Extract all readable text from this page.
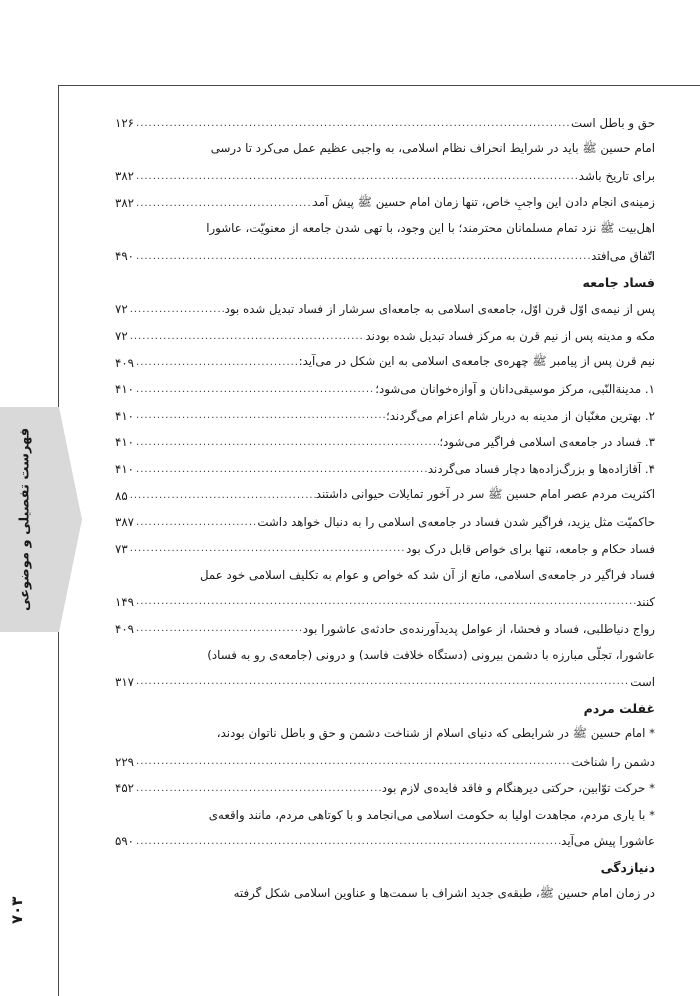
فهرست تفصیلی و موضوعی
۷۰۳
حق و باطل است
.....
۱۲۶
امام حسین ﷺ باید در شرایط انحراف نظام اسلامی، به واجبی عظیم عمل می‌کرد تا درسی
برای تاریخ باشد
.....
۳۸۲
زمینه‌ی انجام دادن این واجبِ خاص، تنها زمان امام حسین ﷺ پیش آمد
.....
۳۸۲
اهل‌بیت ﷺ نزد تمام مسلمانان محترمند؛ با این وجود، با تهی شدن جامعه از معنویّت، عاشورا
اتّفاق می‌افتد
.....
۴۹۰
فساد جامعه
پس از نیمه‌ی اوّل قرن اوّل، جامعه‌ی اسلامی به جامعه‌ای سرشار از فساد تبدیل شده بود
.....
۷۲
مکه و مدینه پس از نیم قرن به مرکز فساد تبدیل شده بودند
.....
۷۲
نیم قرن پس از پیامبر ﷺ چهره‌ی جامعه‌ی اسلامی به این شکل در می‌آید:
.....
۴۰۹
۱. مدینةالنّبی، مرکز موسیقی‌دانان و آوازه‌خوانان می‌شود؛
.....
۴۱۰
۲. بهترین مغنّیان از مدینه به دربار شام اعزام می‌گردند؛
.....
۴۱۰
۳. فساد در جامعه‌ی اسلامی فراگیر می‌شود؛
.....
۴۱۰
۴. آقازاده‌ها و بزرگ‌زاده‌ها دچار فساد می‌گردند
.....
۴۱۰
اکثریت مردم عصر امام حسین ﷺ سر در آخور تمایلات حیوانی داشتند
.....
۸۵
حاکمیّت مثل یزید، فراگیر شدن فساد در جامعه‌ی اسلامی را به دنبال خواهد داشت
.....
۳۸۷
فساد حکام و جامعه، تنها برای خواص قابل درک بود
.....
۷۳
فساد فراگیر در جامعه‌ی اسلامی، مانع از آن شد که خواص و عوام به تکلیف اسلامی خود عمل
کنند
.....
۱۴۹
رواج دنیاطلبی، فساد و فحشا، از عوامل پدیدآورنده‌ی حادثه‌ی عاشورا بود
.....
۴۰۹
عاشورا، تجلّی مبارزه با دشمن بیرونی (دستگاه خلافت فاسد) و درونی (جامعه‌ی رو به فساد)
است
.....
۳۱۷
غفلت مردم
* امام حسین ﷺ در شرایطی که دنیای اسلام از شناخت دشمن و حق و باطل ناتوان بودند،
دشمن را شناخت
.....
۲۲۹
* حرکت توّابین، حرکتی دیرهنگام و فاقد فایده‌ی لازم بود
.....
۴۵۲
* با یاری مردم، مجاهدت اولیا به حکومت اسلامی می‌انجامد و با کوتاهی مردم، مانند واقعه‌ی
عاشورا پیش می‌آید
.....
۵۹۰
دنیازدگی
در زمان امام حسین ﷺ، طبقه‌ی جدید اشراف با سمت‌ها و عناوین اسلامی شکل گرفته
